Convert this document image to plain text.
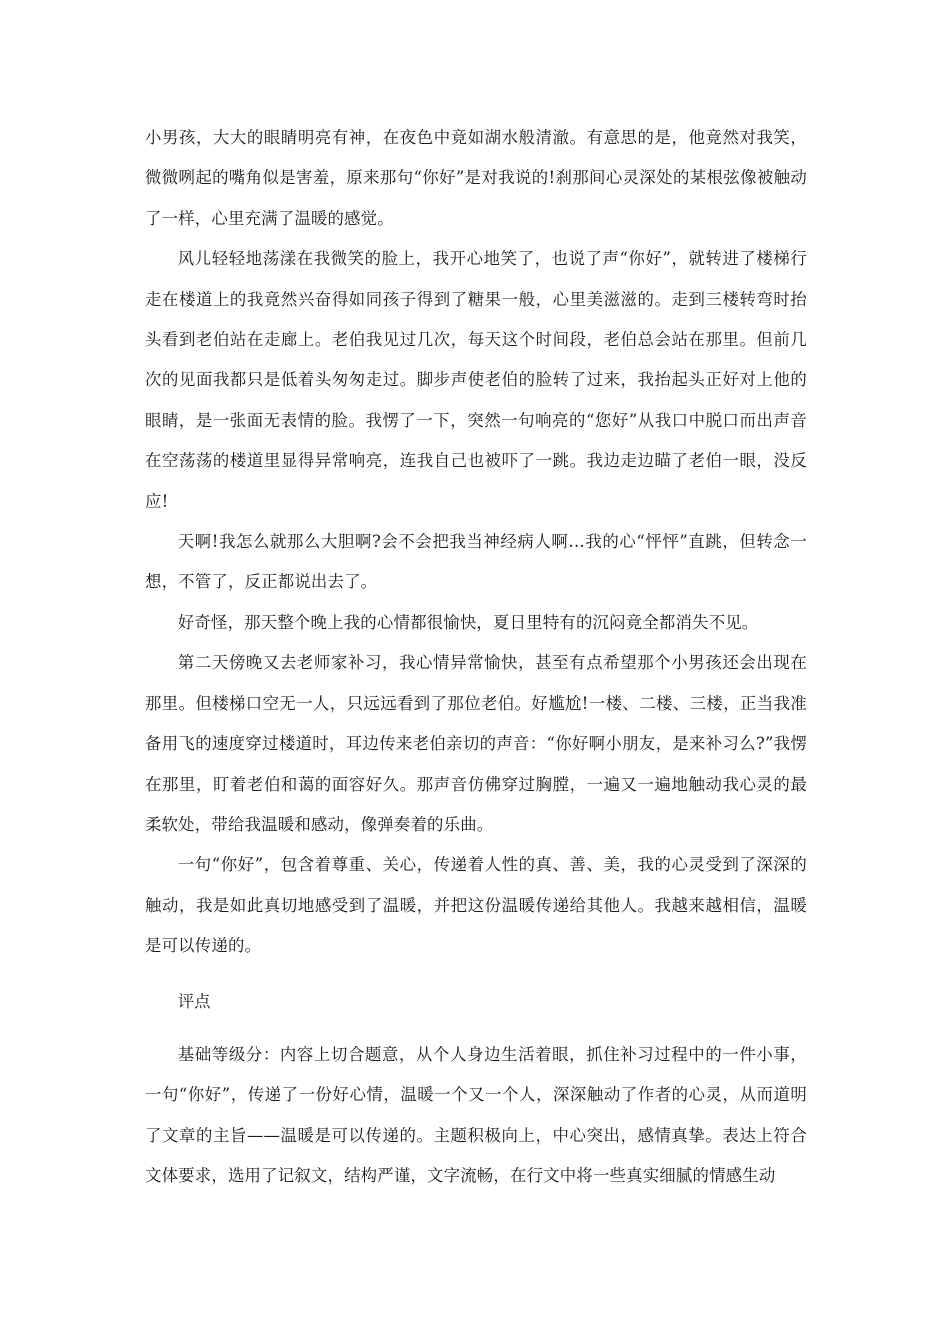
小男孩，大大的眼睛明亮有神，在夜色中竟如湖水般清澈。有意思的是，他竟然对我笑，微微咧起的嘴角似是害羞，原来那句“你好”是对我说的!刹那间心灵深处的某根弦像被触动了一样，心里充满了温暖的感觉。

风儿轻轻地荡漾在我微笑的脸上，我开心地笑了，也说了声“你好”，就转进了楼梯行走在楼道上的我竟然兴奋得如同孩子得到了糖果一般，心里美滋滋的。走到三楼转弯时抬头看到老伯站在走廊上。老伯我见过几次，每天这个时间段，老伯总会站在那里。但前几次的见面我都只是低着头匆匆走过。脚步声使老伯的脸转了过来，我抬起头正好对上他的眼睛，是一张面无表情的脸。我愣了一下，突然一句响亮的“您好”从我口中脱口而出声音在空荡荡的楼道里显得异常响亮，连我自己也被吓了一跳。我边走边瞄了老伯一眼，没反应!

天啊!我怎么就那么大胆啊?会不会把我当神经病人啊…我的心“怦怦”直跳，但转念一想，不管了，反正都说出去了。

好奇怪，那天整个晚上我的心情都很愉快，夏日里特有的沉闷竟全都消失不见。

第二天傍晚又去老师家补习，我心情异常愉快，甚至有点希望那个小男孩还会出现在那里。但楼梯口空无一人，只远远看到了那位老伯。好尴尬!一楼、二楼、三楼，正当我准备用飞的速度穿过楼道时，耳边传来老伯亲切的声音：“你好啊小朋友，是来补习么?”我愣在那里，盯着老伯和蔼的面容好久。那声音仿佛穿过胸膛，一遍又一遍地触动我心灵的最柔软处，带给我温暖和感动，像弹奏着的乐曲。

一句“你好”，包含着尊重、关心，传递着人性的真、善、美，我的心灵受到了深深的触动，我是如此真切地感受到了温暖，并把这份温暖传递给其他人。我越来越相信，温暖是可以传递的。

评点

基础等级分：内容上切合题意，从个人身边生活着眼，抓住补习过程中的一件小事，一句“你好”，传递了一份好心情，温暖一个又一个人，深深触动了作者的心灵，从而道明了文章的主旨——温暖是可以传递的。主题积极向上，中心突出，感情真挚。表达上符合文体要求，选用了记叙文，结构严谨，文字流畅，在行文中将一些真实细腻的情感生动
